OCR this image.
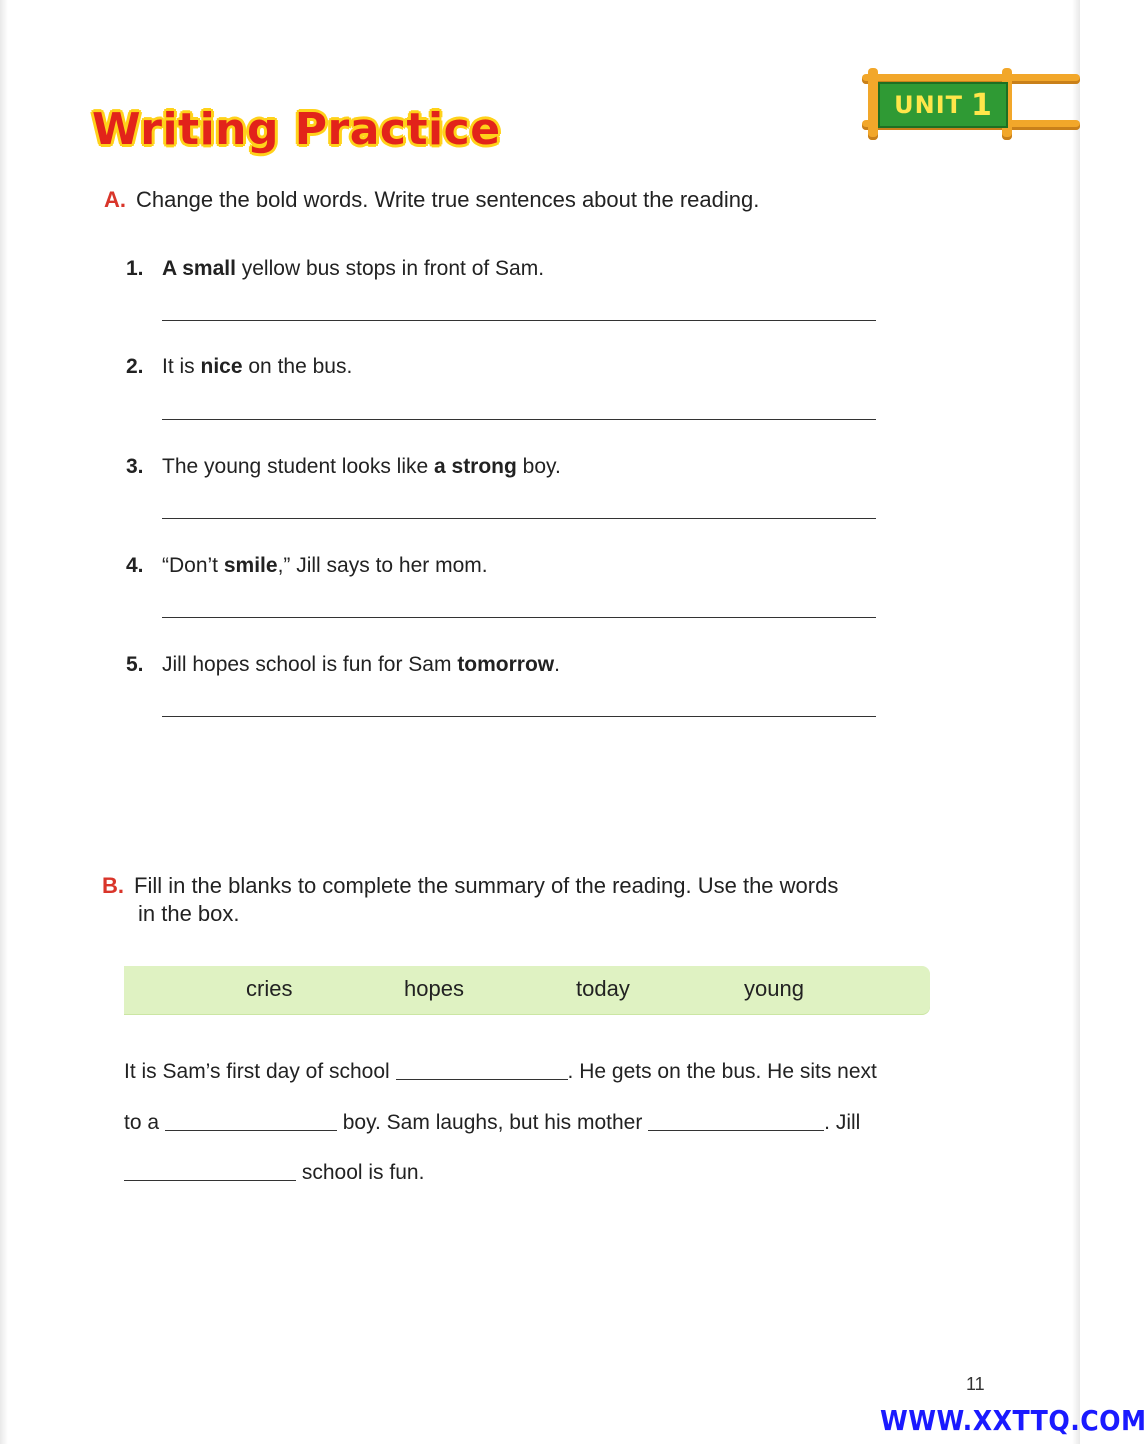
Writing Practice	UNIT 1
A. Change the bold words. Write true sentences about the reading.
1. A small yellow bus stops in front of Sam.
2. It is nice on the bus.
3. The young student looks like a strong boy.
4. “Don’t smile,” Jill says to her mom.
5. Jill hopes school is fun for Sam tomorrow.
B. Fill in the blanks to complete the summary of the reading. Use the words
in the box.
cries	hopes	today	young
It is Sam’s first day of school	. He gets on the bus. He sits next
to a	boy. Sam laughs, but his mother	. Jill
school is fun.
11
WWW.XXTTQ.COM
